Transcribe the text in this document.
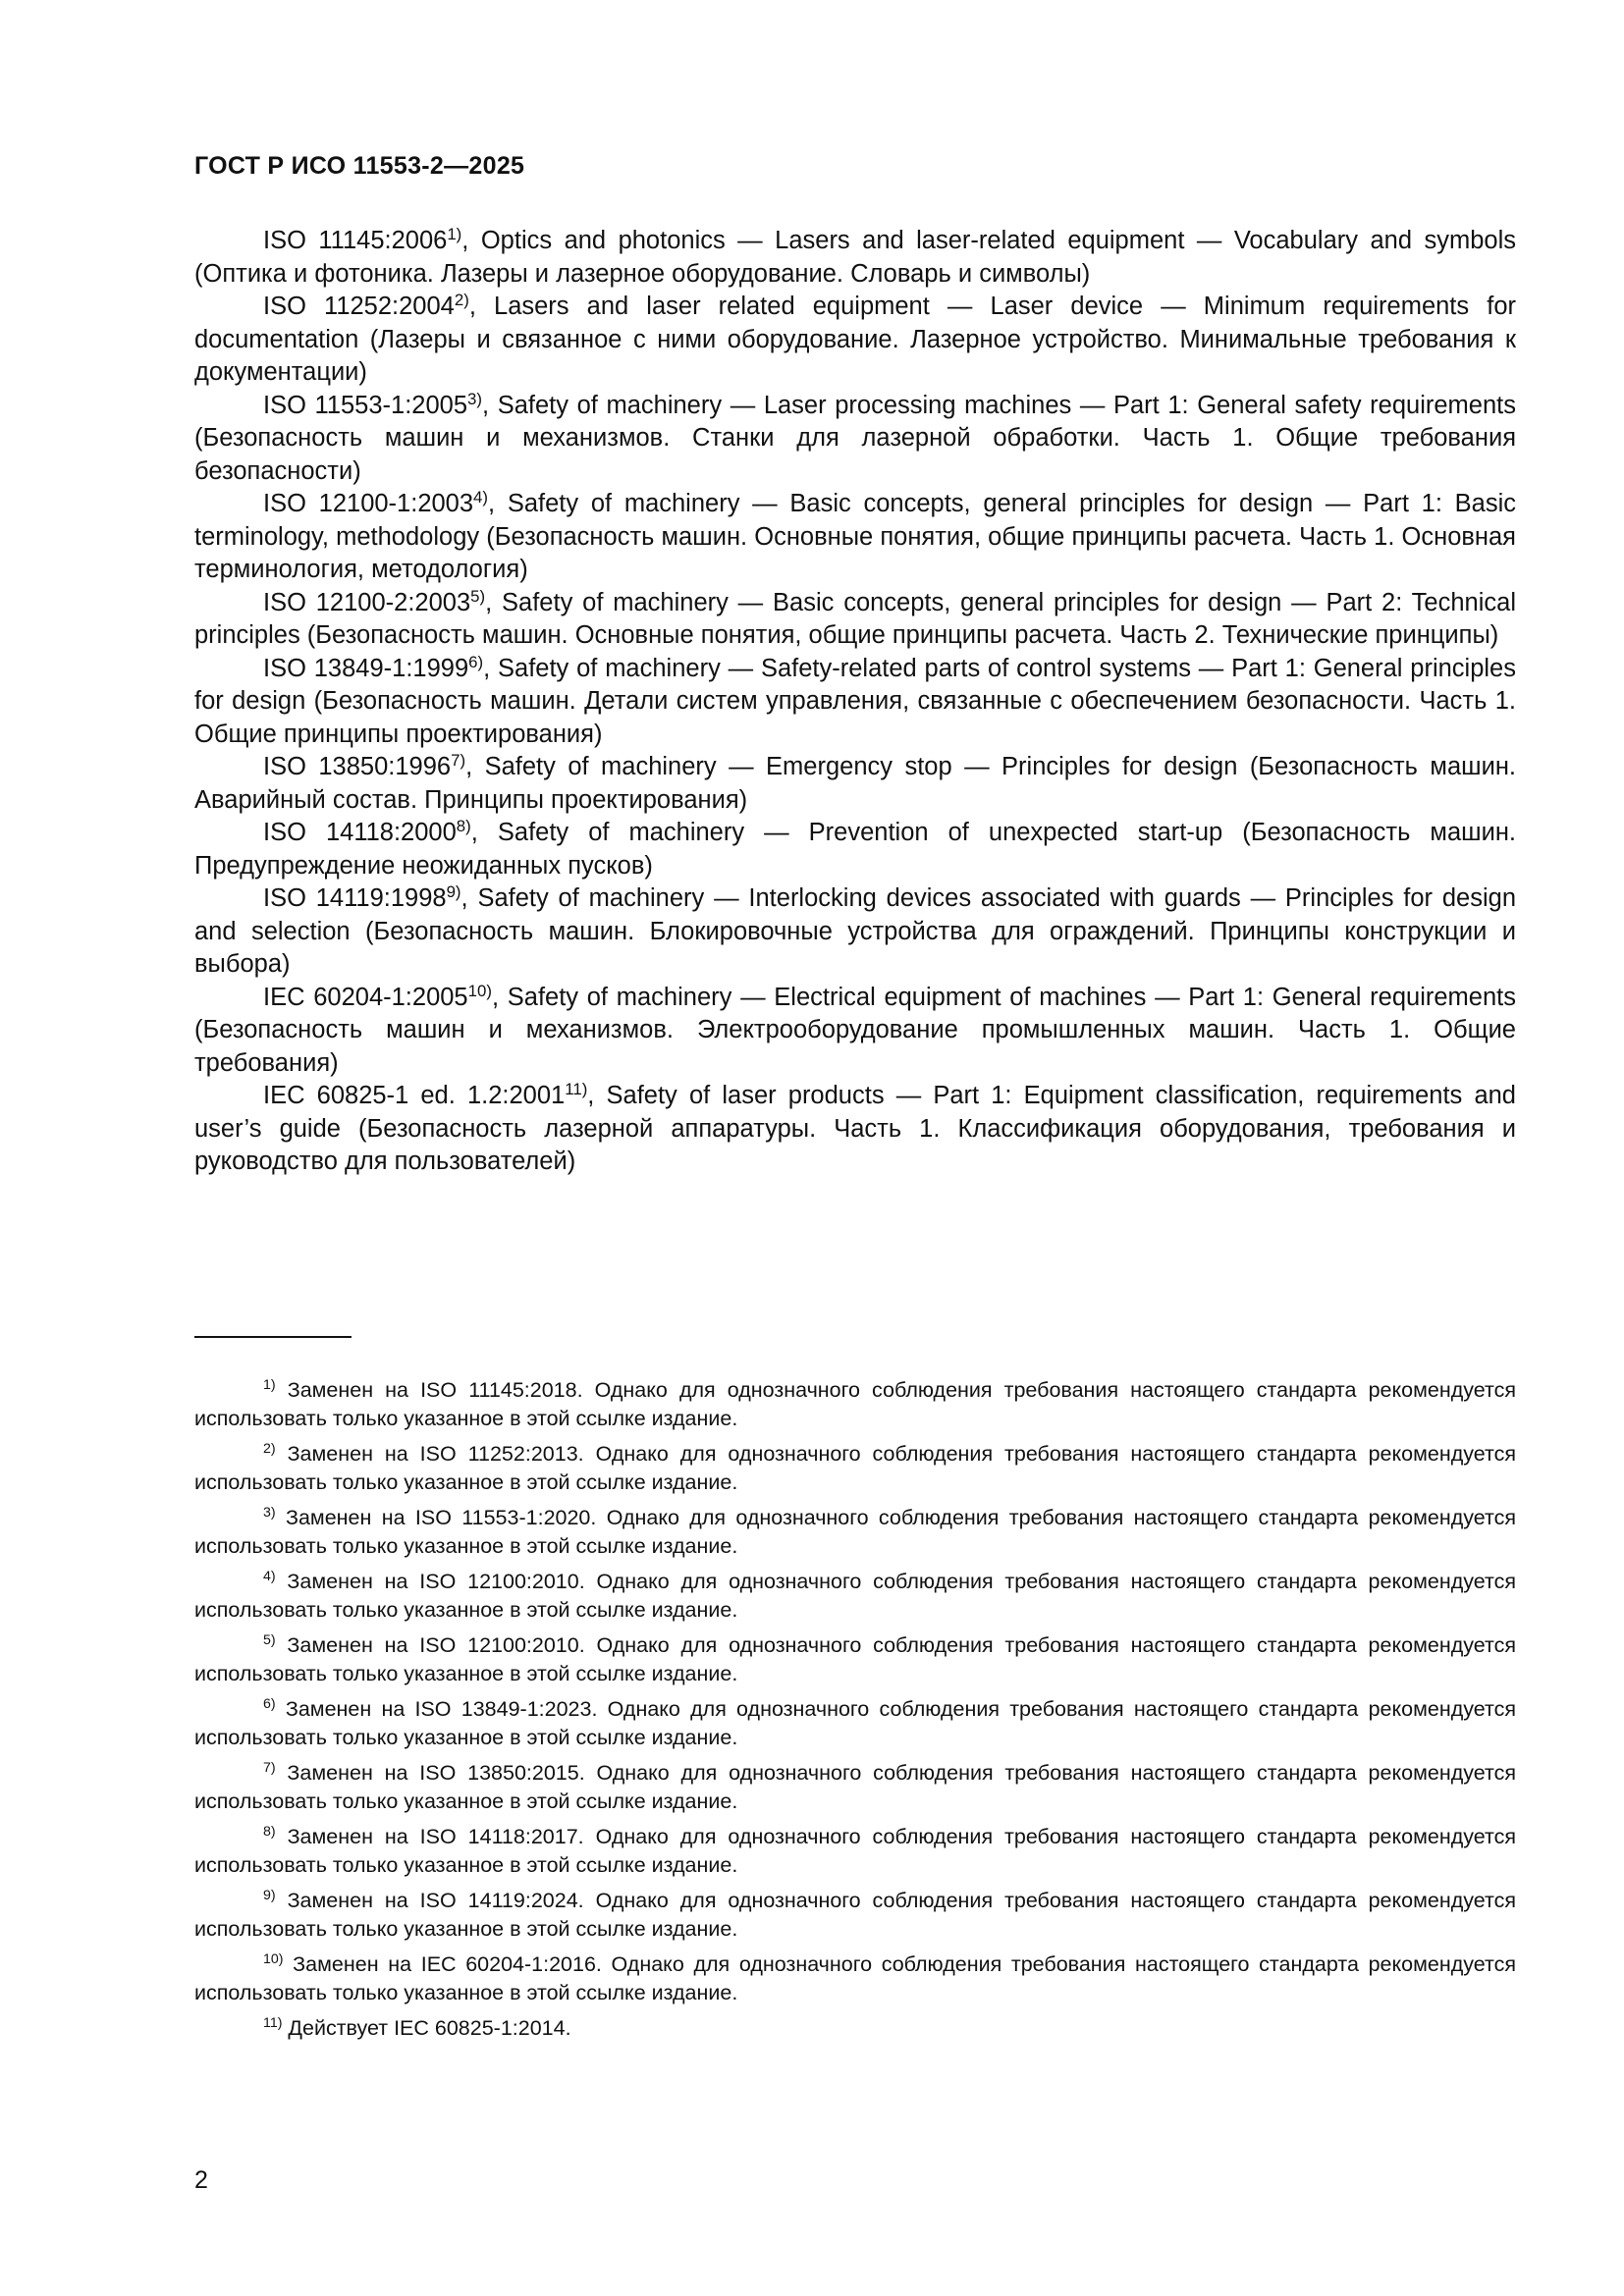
ГОСТ Р ИСО 11553-2—2025

ISO 11145:2006$^{1)}$, Optics and photonics — Lasers and laser-related equipment — Vocabulary and symbols (Оптика и фотоника. Лазеры и лазерное оборудование. Словарь и символы)

ISO 11252:2004$^{2)}$, Lasers and laser related equipment — Laser device — Minimum requirements for documentation (Лазеры и связанное с ними оборудование. Лазерное устройство. Минимальные требования к документации)

ISO 11553-1:2005$^{3)}$, Safety of machinery — Laser processing machines — Part 1: General safety requirements (Безопасность машин и механизмов. Станки для лазерной обработки. Часть 1. Общие требования безопасности)

ISO 12100-1:2003$^{4)}$, Safety of machinery — Basic concepts, general principles for design — Part 1: Basic terminology, methodology (Безопасность машин. Основные понятия, общие принципы расчета. Часть 1. Основная терминология, методология)

ISO 12100-2:2003$^{5)}$, Safety of machinery — Basic concepts, general principles for design — Part 2: Technical principles (Безопасность машин. Основные понятия, общие принципы расчета. Часть 2. Технические принципы)

ISO 13849-1:1999$^{6)}$, Safety of machinery — Safety-related parts of control systems — Part 1: General principles for design (Безопасность машин. Детали систем управления, связанные с обеспечением безопасности. Часть 1. Общие принципы проектирования)

ISO 13850:1996$^{7)}$, Safety of machinery — Emergency stop — Principles for design (Безопасность машин. Аварийный состав. Принципы проектирования)

ISO 14118:2000$^{8)}$, Safety of machinery — Prevention of unexpected start-up (Безопасность машин. Предупреждение неожиданных пусков)

ISO 14119:1998$^{9)}$, Safety of machinery — Interlocking devices associated with guards — Principles for design and selection (Безопасность машин. Блокировочные устройства для ограждений. Принципы конструкции и выбора)

IEC 60204-1:2005$^{10)}$, Safety of machinery — Electrical equipment of machines — Part 1: General requirements (Безопасность машин и механизмов. Электрооборудование промышленных машин. Часть 1. Общие требования)

IEC 60825-1 ed. 1.2:2001$^{11)}$, Safety of laser products — Part 1: Equipment classification, requirements and user’s guide (Безопасность лазерной аппаратуры. Часть 1. Классификация оборудования, требования и руководство для пользователей)

$^{1)}$ Заменен на ISO 11145:2018. Однако для однозначного соблюдения требования настоящего стандарта рекомендуется использовать только указанное в этой ссылке издание.

$^{2)}$ Заменен на ISO 11252:2013. Однако для однозначного соблюдения требования настоящего стандарта рекомендуется использовать только указанное в этой ссылке издание.

$^{3)}$ Заменен на ISO 11553-1:2020. Однако для однозначного соблюдения требования настоящего стандарта рекомендуется использовать только указанное в этой ссылке издание.

$^{4)}$ Заменен на ISO 12100:2010. Однако для однозначного соблюдения требования настоящего стандарта рекомендуется использовать только указанное в этой ссылке издание.

$^{5)}$ Заменен на ISO 12100:2010. Однако для однозначного соблюдения требования настоящего стандарта рекомендуется использовать только указанное в этой ссылке издание.

$^{6)}$ Заменен на ISO 13849-1:2023. Однако для однозначного соблюдения требования настоящего стандарта рекомендуется использовать только указанное в этой ссылке издание.

$^{7)}$ Заменен на ISO 13850:2015. Однако для однозначного соблюдения требования настоящего стандарта рекомендуется использовать только указанное в этой ссылке издание.

$^{8)}$ Заменен на ISO 14118:2017. Однако для однозначного соблюдения требования настоящего стандарта рекомендуется использовать только указанное в этой ссылке издание.

$^{9)}$ Заменен на ISO 14119:2024. Однако для однозначного соблюдения требования настоящего стандарта рекомендуется использовать только указанное в этой ссылке издание.

$^{10)}$ Заменен на IEC 60204-1:2016. Однако для однозначного соблюдения требования настоящего стандарта рекомендуется использовать только указанное в этой ссылке издание.

$^{11)}$ Действует IEC 60825-1:2014.

2
